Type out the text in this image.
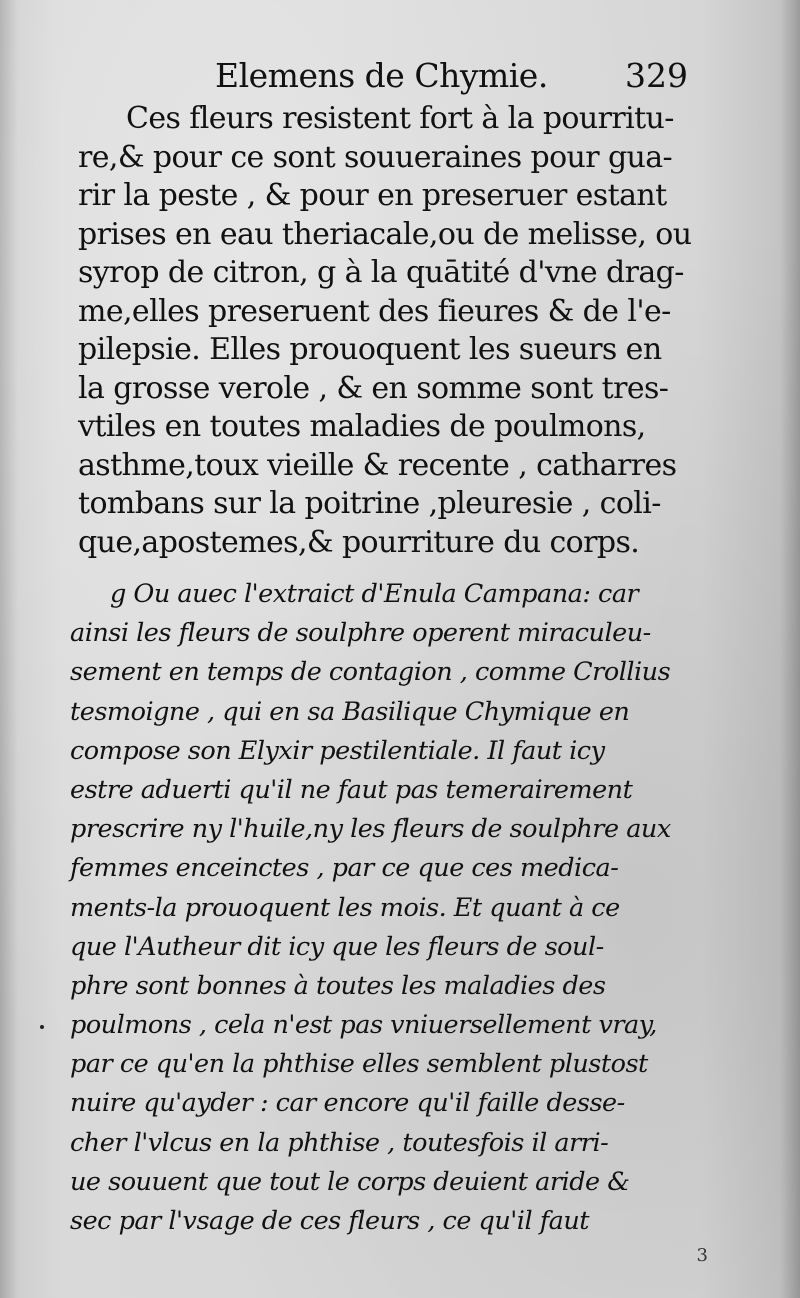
Elemens de Chymie. 329
Ces fleurs resistent fort à la pourritu-
re,& pour ce sont souueraines pour gua-
rir la peste , & pour en preseruer estant
prises en eau theriacale,ou de melisse, ou
syrop de citron, g à la quātité d'vne drag-
me,elles preseruent des fieures & de l'e-
pilepsie. Elles prouoquent les sueurs en
la grosse verole , & en somme sont tres-
vtiles en toutes maladies de poulmons,
asthme,toux vieille & recente , catharres
tombans sur la poitrine ,pleuresie , coli-
que,apostemes,& pourriture du corps.
g Ou auec l'extraict d'Enula Campana: car
ainsi les fleurs de soulphre operent miraculeu-
sement en temps de contagion , comme Crollius
tesmoigne , qui en sa Basilique Chymique en
compose son Elyxir pestilentiale. Il faut icy
estre aduerti qu'il ne faut pas temerairement
prescrire ny l'huile,ny les fleurs de soulphre aux
femmes enceinctes , par ce que ces medica-
ments-la prouoquent les mois. Et quant à ce
que l'Autheur dit icy que les fleurs de soul-
phre sont bonnes à toutes les maladies des
poulmons , cela n'est pas vniuersellement vray,
par ce qu'en la phthise elles semblent plustost
nuire qu'ayder : car encore qu'il faille desse-
cher l'vlcus en la phthise , toutesfois il arri-
ue souuent que tout le corps deuient aride &
sec par l'vsage de ces fleurs , ce qu'il faut
3
